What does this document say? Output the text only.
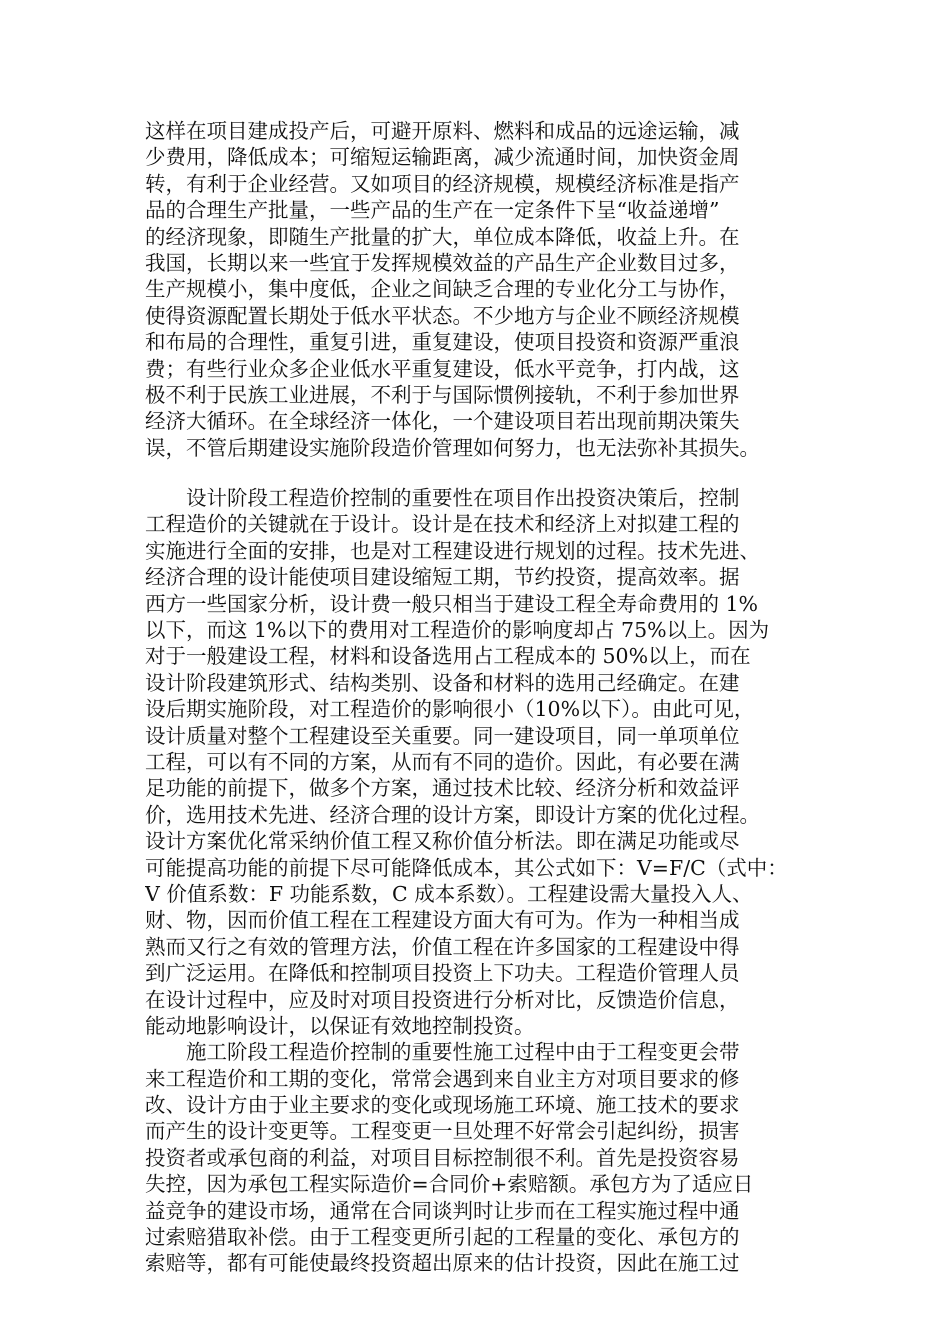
这样在项目建成投产后，可避开原料、燃料和成品的远途运输，减
少费用，降低成本；可缩短运输距离，减少流通时间，加快资金周
转，有利于企业经营。又如项目的经济规模，规模经济标准是指产
品的合理生产批量，一些产品的生产在一定条件下呈“收益递增”
的经济现象，即随生产批量的扩大，单位成本降低，收益上升。在
我国，长期以来一些宜于发挥规模效益的产品生产企业数目过多，
生产规模小，集中度低，企业之间缺乏合理的专业化分工与协作，
使得资源配置长期处于低水平状态。不少地方与企业不顾经济规模
和布局的合理性，重复引进，重复建设，使项目投资和资源严重浪
费；有些行业众多企业低水平重复建设，低水平竞争，打内战，这
极不利于民族工业进展，不利于与国际惯例接轨，不利于参加世界
经济大循环。在全球经济一体化，一个建设项目若出现前期决策失
误，不管后期建设实施阶段造价管理如何努力，也无法弥补其损失。
设计阶段工程造价控制的重要性在项目作出投资决策后，控制
工程造价的关键就在于设计。设计是在技术和经济上对拟建工程的
实施进行全面的安排，也是对工程建设进行规划的过程。技术先进、
经济合理的设计能使项目建设缩短工期，节约投资，提高效率。据
西方一些国家分析，设计费一般只相当于建设工程全寿命费用的 1%
以下，而这 1%以下的费用对工程造价的影响度却占 75%以上。因为
对于一般建设工程，材料和设备选用占工程成本的 50%以上，而在
设计阶段建筑形式、结构类别、设备和材料的选用己经确定。在建
设后期实施阶段，对工程造价的影响很小（10%以下）。由此可见，
设计质量对整个工程建设至关重要。同一建设项目，同一单项单位
工程，可以有不同的方案，从而有不同的造价。因此，有必要在满
足功能的前提下，做多个方案，通过技术比较、经济分析和效益评
价，选用技术先进、经济合理的设计方案，即设计方案的优化过程。
设计方案优化常采纳价值工程又称价值分析法。即在满足功能或尽
可能提高功能的前提下尽可能降低成本，其公式如下：V=F/C（式中：
V 价值系数：F 功能系数，C 成本系数）。工程建设需大量投入人、
财、物，因而价值工程在工程建设方面大有可为。作为一种相当成
熟而又行之有效的管理方法，价值工程在许多国家的工程建设中得
到广泛运用。在降低和控制项目投资上下功夫。工程造价管理人员
在设计过程中，应及时对项目投资进行分析对比，反馈造价信息，
能动地影响设计，以保证有效地控制投资。
施工阶段工程造价控制的重要性施工过程中由于工程变更会带
来工程造价和工期的变化，常常会遇到来自业主方对项目要求的修
改、设计方由于业主要求的变化或现场施工环境、施工技术的要求
而产生的设计变更等。工程变更一旦处理不好常会引起纠纷，损害
投资者或承包商的利益，对项目目标控制很不利。首先是投资容易
失控，因为承包工程实际造价=合同价+索赔额。承包方为了适应日
益竞争的建设市场，通常在合同谈判时让步而在工程实施过程中通
过索赔猎取补偿。由于工程变更所引起的工程量的变化、承包方的
索赔等，都有可能使最终投资超出原来的估计投资，因此在施工过
